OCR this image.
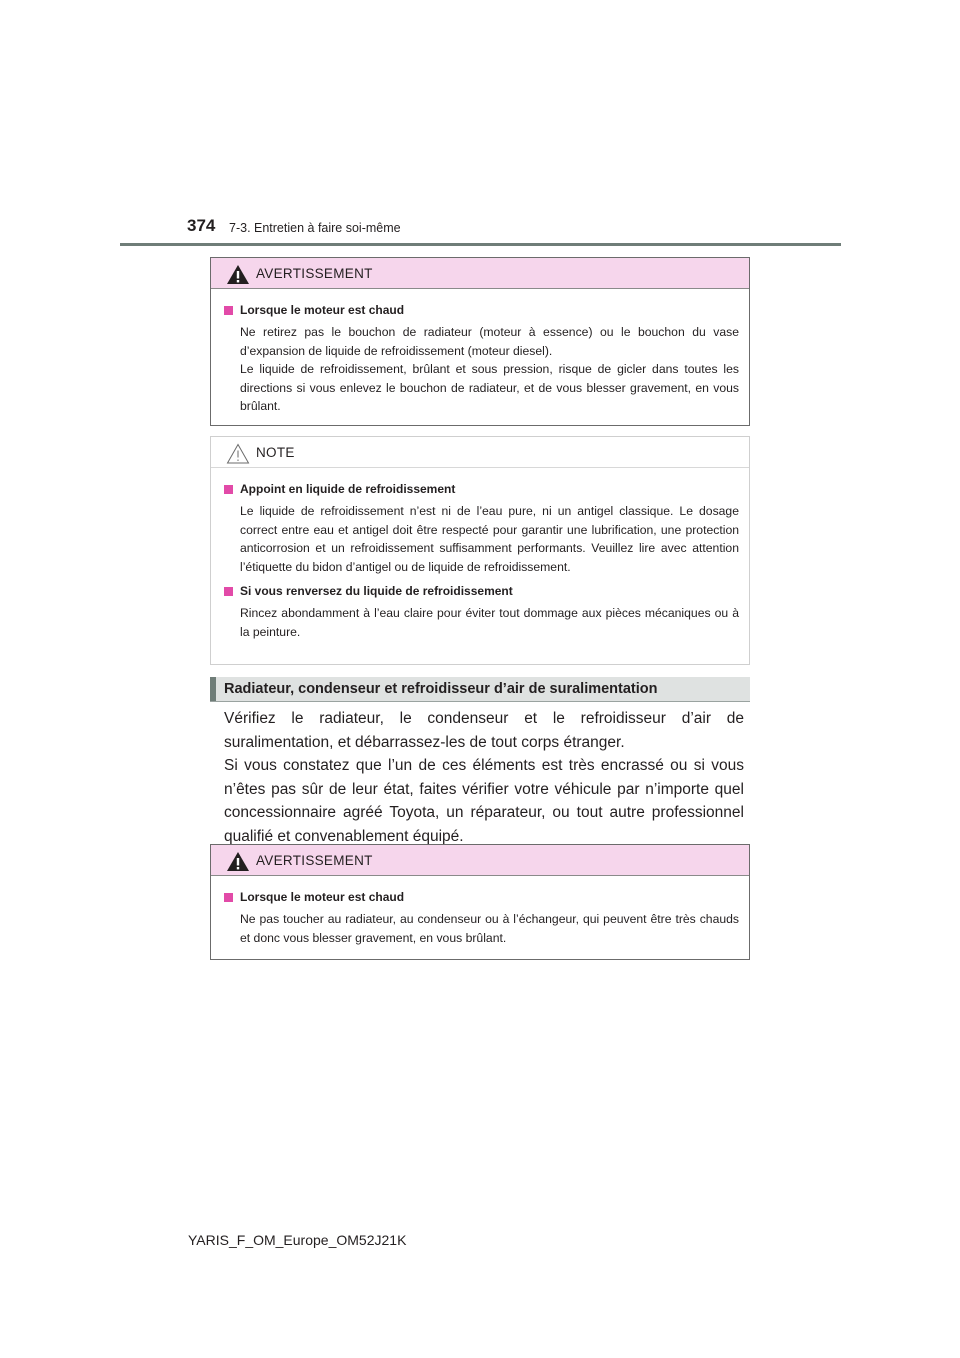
374 7-3. Entretien à faire soi-même
AVERTISSEMENT
Lorsque le moteur est chaud

Ne retirez pas le bouchon de radiateur (moteur à essence) ou le bouchon du vase d’expansion de liquide de refroidissement (moteur diesel).

Le liquide de refroidissement, brûlant et sous pression, risque de gicler dans toutes les directions si vous enlevez le bouchon de radiateur, et de vous blesser gravement, en vous brûlant.

NOTE
Appoint en liquide de refroidissement

Le liquide de refroidissement n’est ni de l’eau pure, ni un antigel classique. Le dosage correct entre eau et antigel doit être respecté pour garantir une lubrification, une protection anticorrosion et un refroidissement suffisamment performants. Veuillez lire avec attention l’étiquette du bidon d’antigel ou de liquide de refroidissement.

Si vous renversez du liquide de refroidissement

Rincez abondamment à l’eau claire pour éviter tout dommage aux pièces mécaniques ou à la peinture.

Radiateur, condenseur et refroidisseur d’air de suralimentation

Vérifiez le radiateur, le condenseur et le refroidisseur d’air de suralimentation, et débarrassez-les de tout corps étranger.

Si vous constatez que l’un de ces éléments est très encrassé ou si vous n’êtes pas sûr de leur état, faites vérifier votre véhicule par n’importe quel concessionnaire agréé Toyota, un réparateur, ou tout autre professionnel qualifié et convenablement équipé.

AVERTISSEMENT
Lorsque le moteur est chaud

Ne pas toucher au radiateur, au condenseur ou à l’échangeur, qui peuvent être très chauds et donc vous blesser gravement, en vous brûlant.

YARIS_F_OM_Europe_OM52J21K
